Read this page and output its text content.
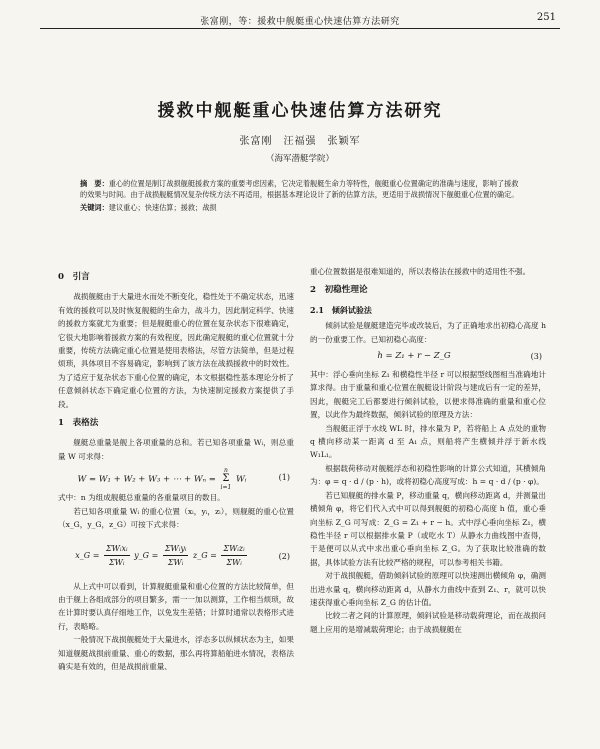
张富刚，等：援救中舰艇重心快速估算方法研究	251
援救中舰艇重心快速估算方法研究
张富刚　汪福强　张颖军
（海军潜艇学院）
摘　要：重心的位置是制订战损舰艇援救方案的重要考虑因素，它决定着舰艇生命力等特性，舰艇重心位置确定的准确与速度，影响了援救的效果与时间。由于战损舰艇情况复杂传统方法不再适用，根据基本理论设计了新的估算方法，更适用于战损情况下舰艇重心位置的确定。
关键词：建议重心；快速估算；援救；战损
0　引言

战损舰艇由于大量进水而处不断变化，稳性处于不确定状态，迅速有效的援救可以及时恢复舰艇的生命力，战斗力，因此制定科学、快速的援救方案就尤为重要；但是舰艇重心的位置在复杂状态下很难确定，它很大地影响着援救方案的有效程度，因此确定舰艇的重心位置就十分重要，传统方法确定重心位置是使用表格法，尽管方法简单，但是过程烦琐，具体项目不容易确定，影响到了该方法在战损援救中的时效性。为了适应于复杂状态下重心位置的确定，本文根据稳性基本理论分析了任意倾斜状态下确定重心位置的方法，为快速制定援救方案提供了手段。

1　表格法

舰艇总重量是舰上各项重量的总和。若已知各项重量 Wᵢ，则总重量 W 可求得：

W = W₁ + W₂ + W₃ + ⋯ + Wₙ =
n
Σ
i=1
Wᵢ	(1)

式中：n 为组成舰艇总重量的各重量项目的数目。

若已知各项重量 Wᵢ 的重心位置（xᵢ，yᵢ，zᵢ），则舰艇的重心位置（x_G，y_G，z_G）可按下式求得：

x_G = $\frac{\text{ΣWᵢxᵢ}}{\text{ΣWᵢ}}$ y_G = $\frac{\text{ΣWᵢyᵢ}}{\text{ΣWᵢ}}$ z_G = $\frac{\text{ΣWᵢzᵢ}}{\text{ΣWᵢ}}$	(2)

从上式中可以看到，计算舰艇重量和重心位置的方法比较简单，但由于舰上各组成部分的项目繁多，需一一加以测算，工作相当烦琐，故在计算时要认真仔细地工作，以免发生差错；计算时通常以表格形式进行，表略略。

一般情况下战损舰艇处于大量进水，浮态多以纵倾状态为主，如果知道舰艇战损前重量、重心的数据，那么再将算船舶进水情况，表格法确实是有效的，但是战损前重量、

重心位置数据是很难知道的，所以表格法在援救中的适用性不强。

2　初稳性理论
2.1　倾斜试验法

倾斜试验是舰艇建造完毕或改装后，为了正确地求出初稳心高度 h 的一份重要工作。已知初稳心高度：

h = Z₁ + r − Z_G	(3)

其中：浮心垂向坐标 Z₁ 和横稳性半径 r 可以根据型线图相当准确地计算求得。由于重量和重心位置在舰艇设计阶段与建成后有一定的差异，因此，舰艇完工后都要进行倾斜试验，以便求得准确的重量和重心位置，以此作为最终数据，倾斜试验的原理及方法：

当舰艇正浮于水线 WL 时，排水量为 P，若将船上 A 点处的重物 q 横向移动某一距离 d 至 A₁ 点，则船将产生横倾并浮于新水线 W₁L₁。

根据载荷移动对舰艇浮态和初稳性影响的计算公式知道，其横倾角为：φ = q · d / (p · h)，或将初稳心高度写成：h = q · d / (p · φ)。

若已知舰艇的排水量 P，移动重量 q，横向移动距离 d，并测量出横倾角 φ，将它们代入式中可以得到舰艇的初稳心高度 h 值，重心垂向坐标 Z_G 可写成：Z_G = Z₁ + r − h。式中浮心垂向坐标 Z₁，横稳性半径 r 可以根据排水量 P（或吃水 T）从静水力曲线图中查得，于是便可以从式中求出重心垂向坐标 Z_G。为了获取比较准确的数据，具体试验方法有比较严格的规程，可以参考相关书籍。

对于战损舰艇，借助倾斜试验的原理可以快速测出横倾角 φ，确测出进水量 q，横向移动距离 d，从静水力曲线中查到 Z₁、r，就可以快速获得重心垂向坐标 Z_G 的估计值。

比较二者之间的计算原理，倾斜试验是移动载荷理论，而在战损问题上应用的是增减载荷理论；由于战损舰艇在
